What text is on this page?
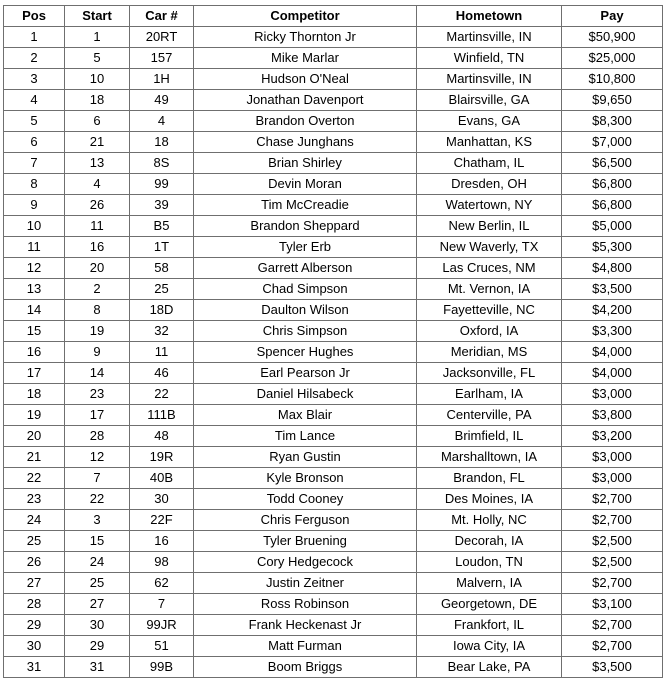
Pos	Start	Car #	Competitor	Hometown	Pay
1	1	20RT	Ricky Thornton Jr	Martinsville, IN	$50,900
2	5	157	Mike Marlar	Winfield, TN	$25,000
3	10	1H	Hudson O'Neal	Martinsville, IN	$10,800
4	18	49	Jonathan Davenport	Blairsville, GA	$9,650
5	6	4	Brandon Overton	Evans, GA	$8,300
6	21	18	Chase Junghans	Manhattan, KS	$7,000
7	13	8S	Brian Shirley	Chatham, IL	$6,500
8	4	99	Devin Moran	Dresden, OH	$6,800
9	26	39	Tim McCreadie	Watertown, NY	$6,800
10	11	B5	Brandon Sheppard	New Berlin, IL	$5,000
11	16	1T	Tyler Erb	New Waverly, TX	$5,300
12	20	58	Garrett Alberson	Las Cruces, NM	$4,800
13	2	25	Chad Simpson	Mt. Vernon, IA	$3,500
14	8	18D	Daulton Wilson	Fayetteville, NC	$4,200
15	19	32	Chris Simpson	Oxford, IA	$3,300
16	9	11	Spencer Hughes	Meridian, MS	$4,000
17	14	46	Earl Pearson Jr	Jacksonville, FL	$4,000
18	23	22	Daniel Hilsabeck	Earlham, IA	$3,000
19	17	111B	Max Blair	Centerville, PA	$3,800
20	28	48	Tim Lance	Brimfield, IL	$3,200
21	12	19R	Ryan Gustin	Marshalltown, IA	$3,000
22	7	40B	Kyle Bronson	Brandon, FL	$3,000
23	22	30	Todd Cooney	Des Moines, IA	$2,700
24	3	22F	Chris Ferguson	Mt. Holly, NC	$2,700
25	15	16	Tyler Bruening	Decorah, IA	$2,500
26	24	98	Cory Hedgecock	Loudon, TN	$2,500
27	25	62	Justin Zeitner	Malvern, IA	$2,700
28	27	7	Ross Robinson	Georgetown, DE	$3,100
29	30	99JR	Frank Heckenast Jr	Frankfort, IL	$2,700
30	29	51	Matt Furman	Iowa City, IA	$2,700
31	31	99B	Boom Briggs	Bear Lake, PA	$3,500
